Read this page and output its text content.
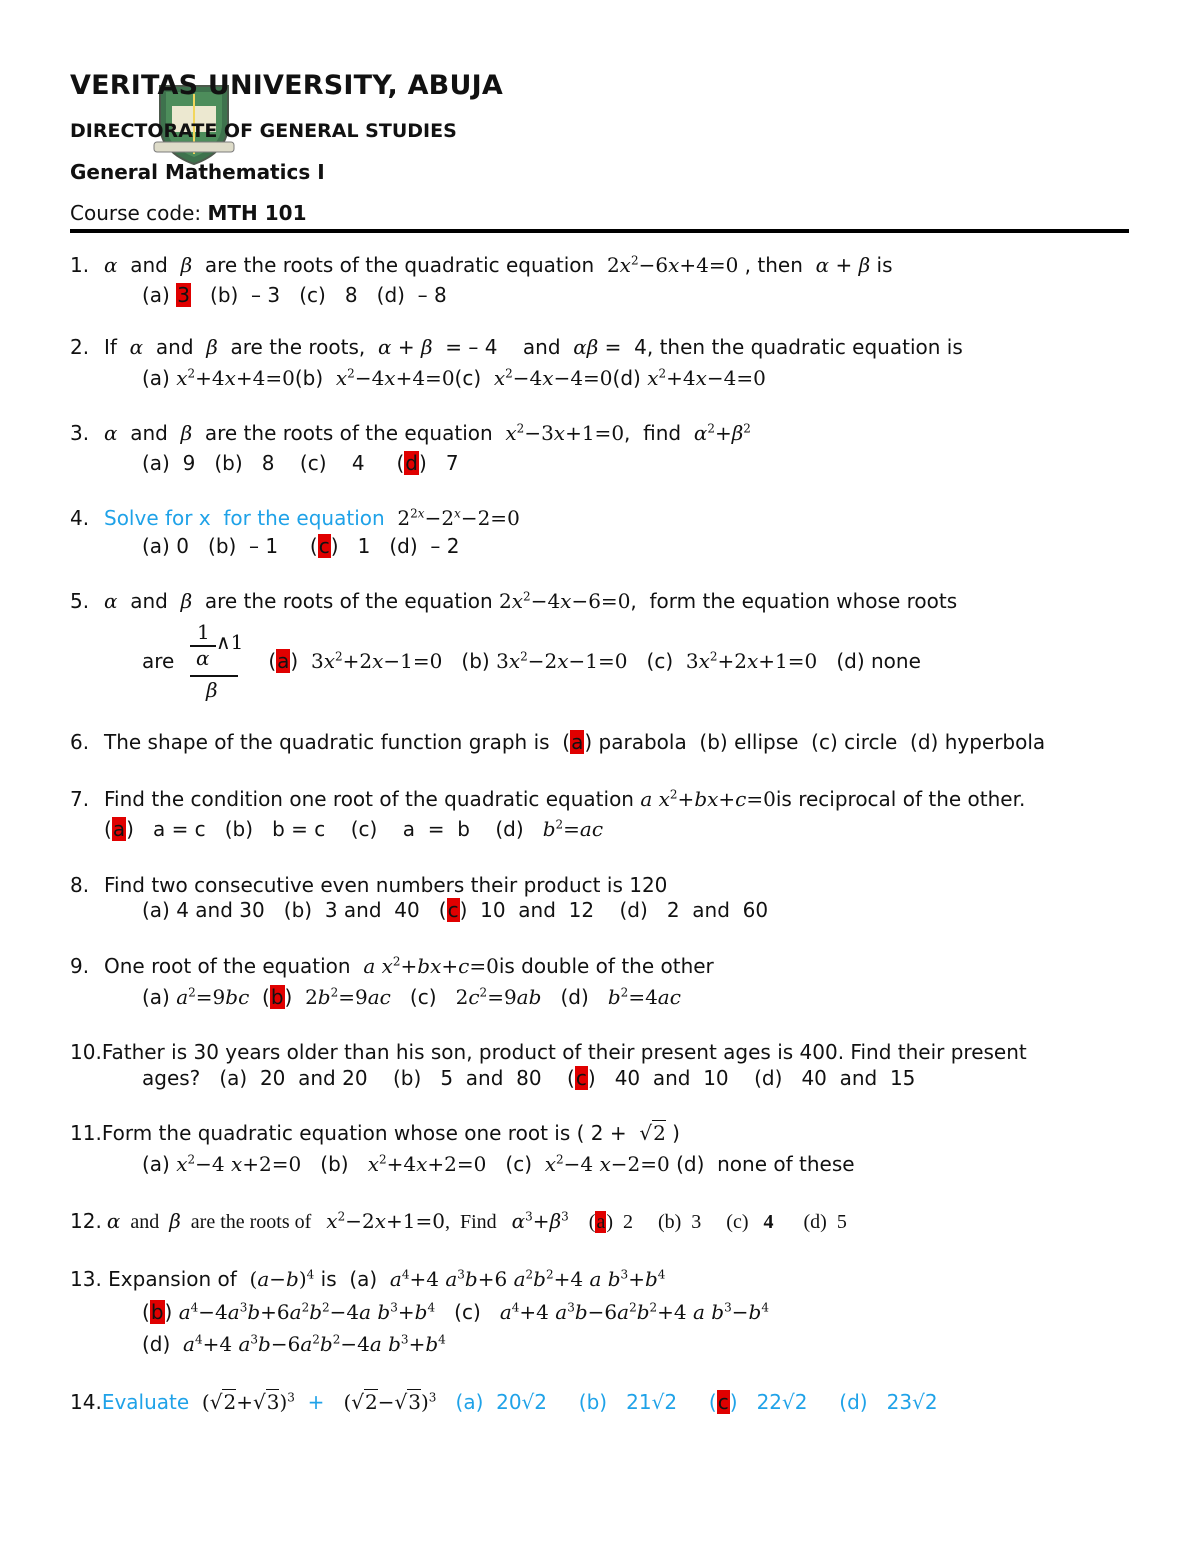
VERITAS UNIVERSITY, ABUJA
DIRECTORATE OF GENERAL STUDIES
General Mathematics I
Course code: MTH 101
1. α  and  β  are the roots of the quadratic equation  $2x^2-6x+4=0$ , then  α + β is
(a) 3   (b)  – 3   (c)   8   (d)  – 8
2. If  α  and  β  are the roots,  α + β  = – 4    and  αβ =  4, then the quadratic equation is
(a) $x^2+4x+4=0(b)$  $x^2-4x+4=0(c)$  $x^2-4x-4=0(d)$ $x^2+4x-4=0$
3. α  and  β  are the roots of the equation  $x^2-3x+1=0$,  find  $\alpha^2+\beta^2$
(a)  9   (b)   8    (c)    4     (d)   7
4. Solve for x  for the equation $2^{2x}-2^x-2=0$
(a) 0   (b)  – 1     (c)   1   (d)  – 2
5. α  and  β  are the roots of the equation $2x^2-4x-6=0$,  form the equation whose roots
1
α
∧1
β
are	(a)  $3x^2+2x-1=0$   (b) $3x^2-2x-1=0$   (c)  $3x^2+2x+1=0$   (d) none
6. The shape of the quadratic function graph is  (a) parabola  (b) ellipse  (c) circle  (d) hyperbola
7. Find the condition one root of the quadratic equation a $x^2+bx+c=0is$ reciprocal of the other.
(a)   a = c   (b)   b = c    (c)    a  =  b    (d)   $b^2=ac$
8. Find two consecutive even numbers their product is 120
(a) 4 and 30   (b)  3 and  40   (c)  10  and  12    (d)   2  and  60
9. One root of the equation  a $x^2+bx+c=0is$ double of the other
(a) $a^2=9bc$  (b)  $2b^2=9ac$   (c)   $2c^2=9ab$   (d)   $b^2=4ac$
10.Father is 30 years older than his son, product of their present ages is 400. Find their present
ages?   (a)  20  and 20    (b)   5  and  80    (c)   40  and  10    (d)   40  and  15
11.Form the quadratic equation whose one root is ( 2 +  √2 )
(a) $x^2-4$ x+2=0   (b)   $x^2+4x+2=0$   (c)  $x^2-4$ x−2=0 (d)  none of these
12. α  and  β  are the roots of   $x^2-2x+1=0$,  Find   $\alpha^3+\beta^3$    (a)  2     (b)  3     (c)   4      (d)  5
13. Expansion of  $(a-b)^4$ is  (a)  $a^4+4$ $a^3b+6$ $a^2b^2+4$ a $b^3+b^4$
(b) $a^4-4a^3b+6a^2b^2-4a$ $b^3+b^4$   (c)   $a^4+4$ $a^3b-6a^2b^2+4$ a $b^3-b^4$
(d)  $a^4+4$ $a^3b-6a^2b^2-4a$ $b^3+b^4$
14.Evaluate $(√2+√3)^3 + (√2-√3)^3$ (a)  20√2     (b)   21√2     (c)   22√2     (d)   23√2
